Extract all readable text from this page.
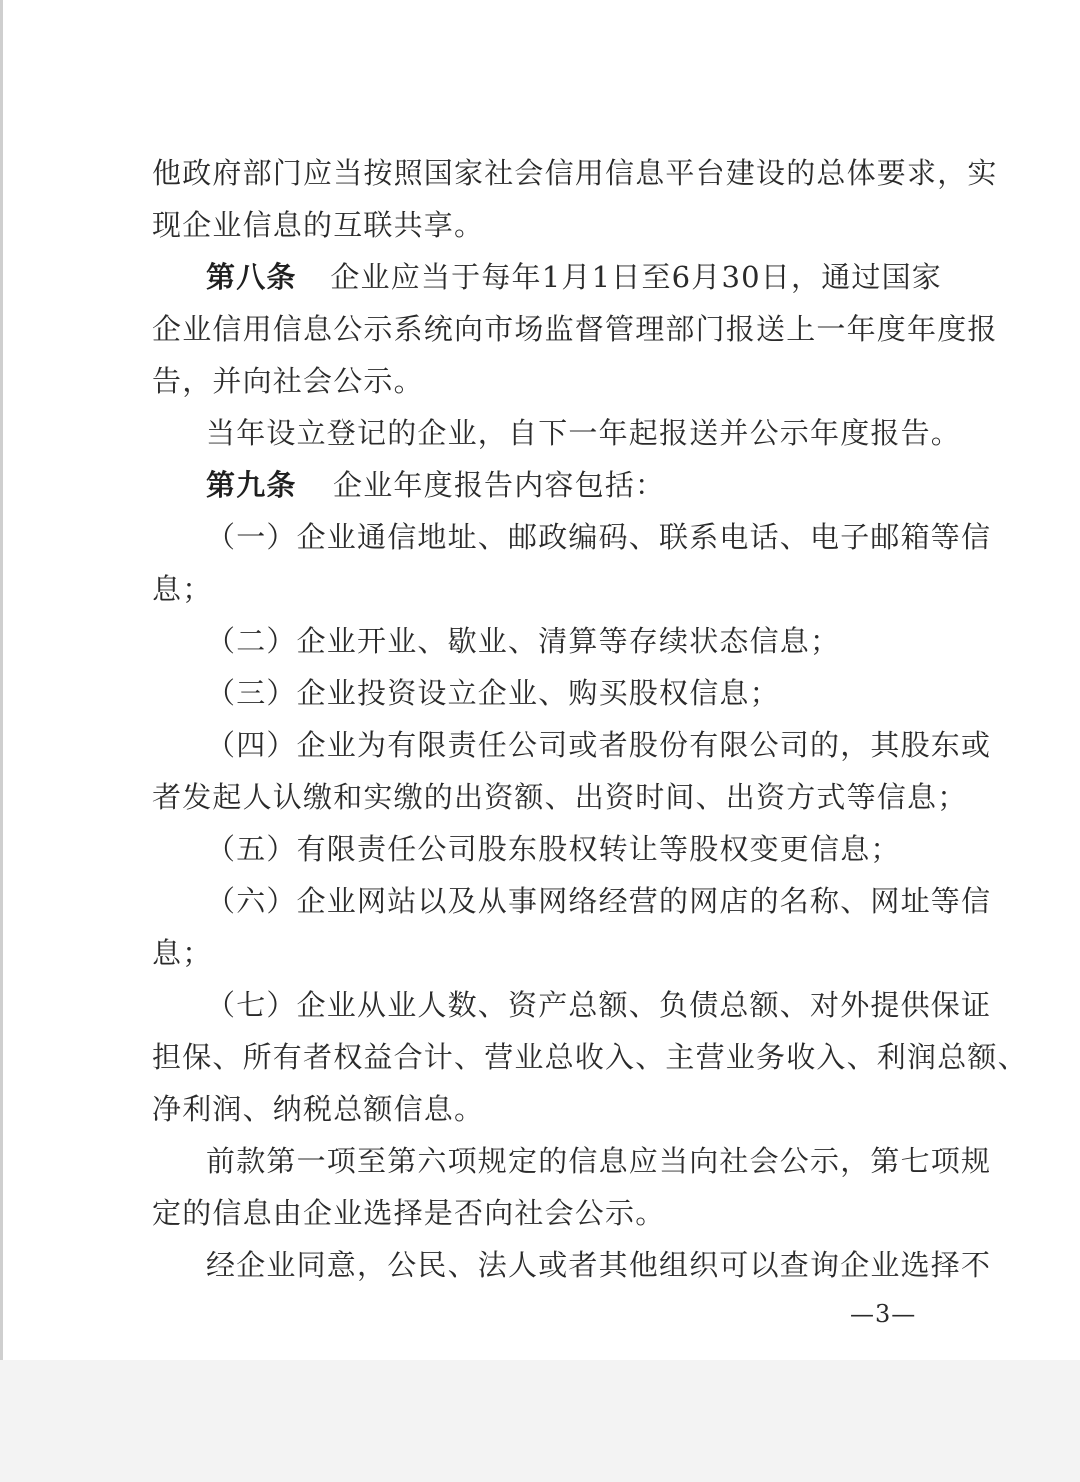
他政府部门应当按照国家社会信用信息平台建设的总体要求，实
现企业信息的互联共享。
第八条 企业应当于每年1月1日至6月30日，通过国家
企业信用信息公示系统向市场监督管理部门报送上一年度年度报
告，并向社会公示。
当年设立登记的企业，自下一年起报送并公示年度报告。
第九条 企业年度报告内容包括：
（一）企业通信地址、邮政编码、联系电话、电子邮箱等信
息；
（二）企业开业、歇业、清算等存续状态信息；
（三）企业投资设立企业、购买股权信息；
（四）企业为有限责任公司或者股份有限公司的，其股东或
者发起人认缴和实缴的出资额、出资时间、出资方式等信息；
（五）有限责任公司股东股权转让等股权变更信息；
（六）企业网站以及从事网络经营的网店的名称、网址等信
息；
（七）企业从业人数、资产总额、负债总额、对外提供保证
担保、所有者权益合计、营业总收入、主营业务收入、利润总额、
净利润、纳税总额信息。
前款第一项至第六项规定的信息应当向社会公示，第七项规
定的信息由企业选择是否向社会公示。
经企业同意，公民、法人或者其他组织可以查询企业选择不
—3—
